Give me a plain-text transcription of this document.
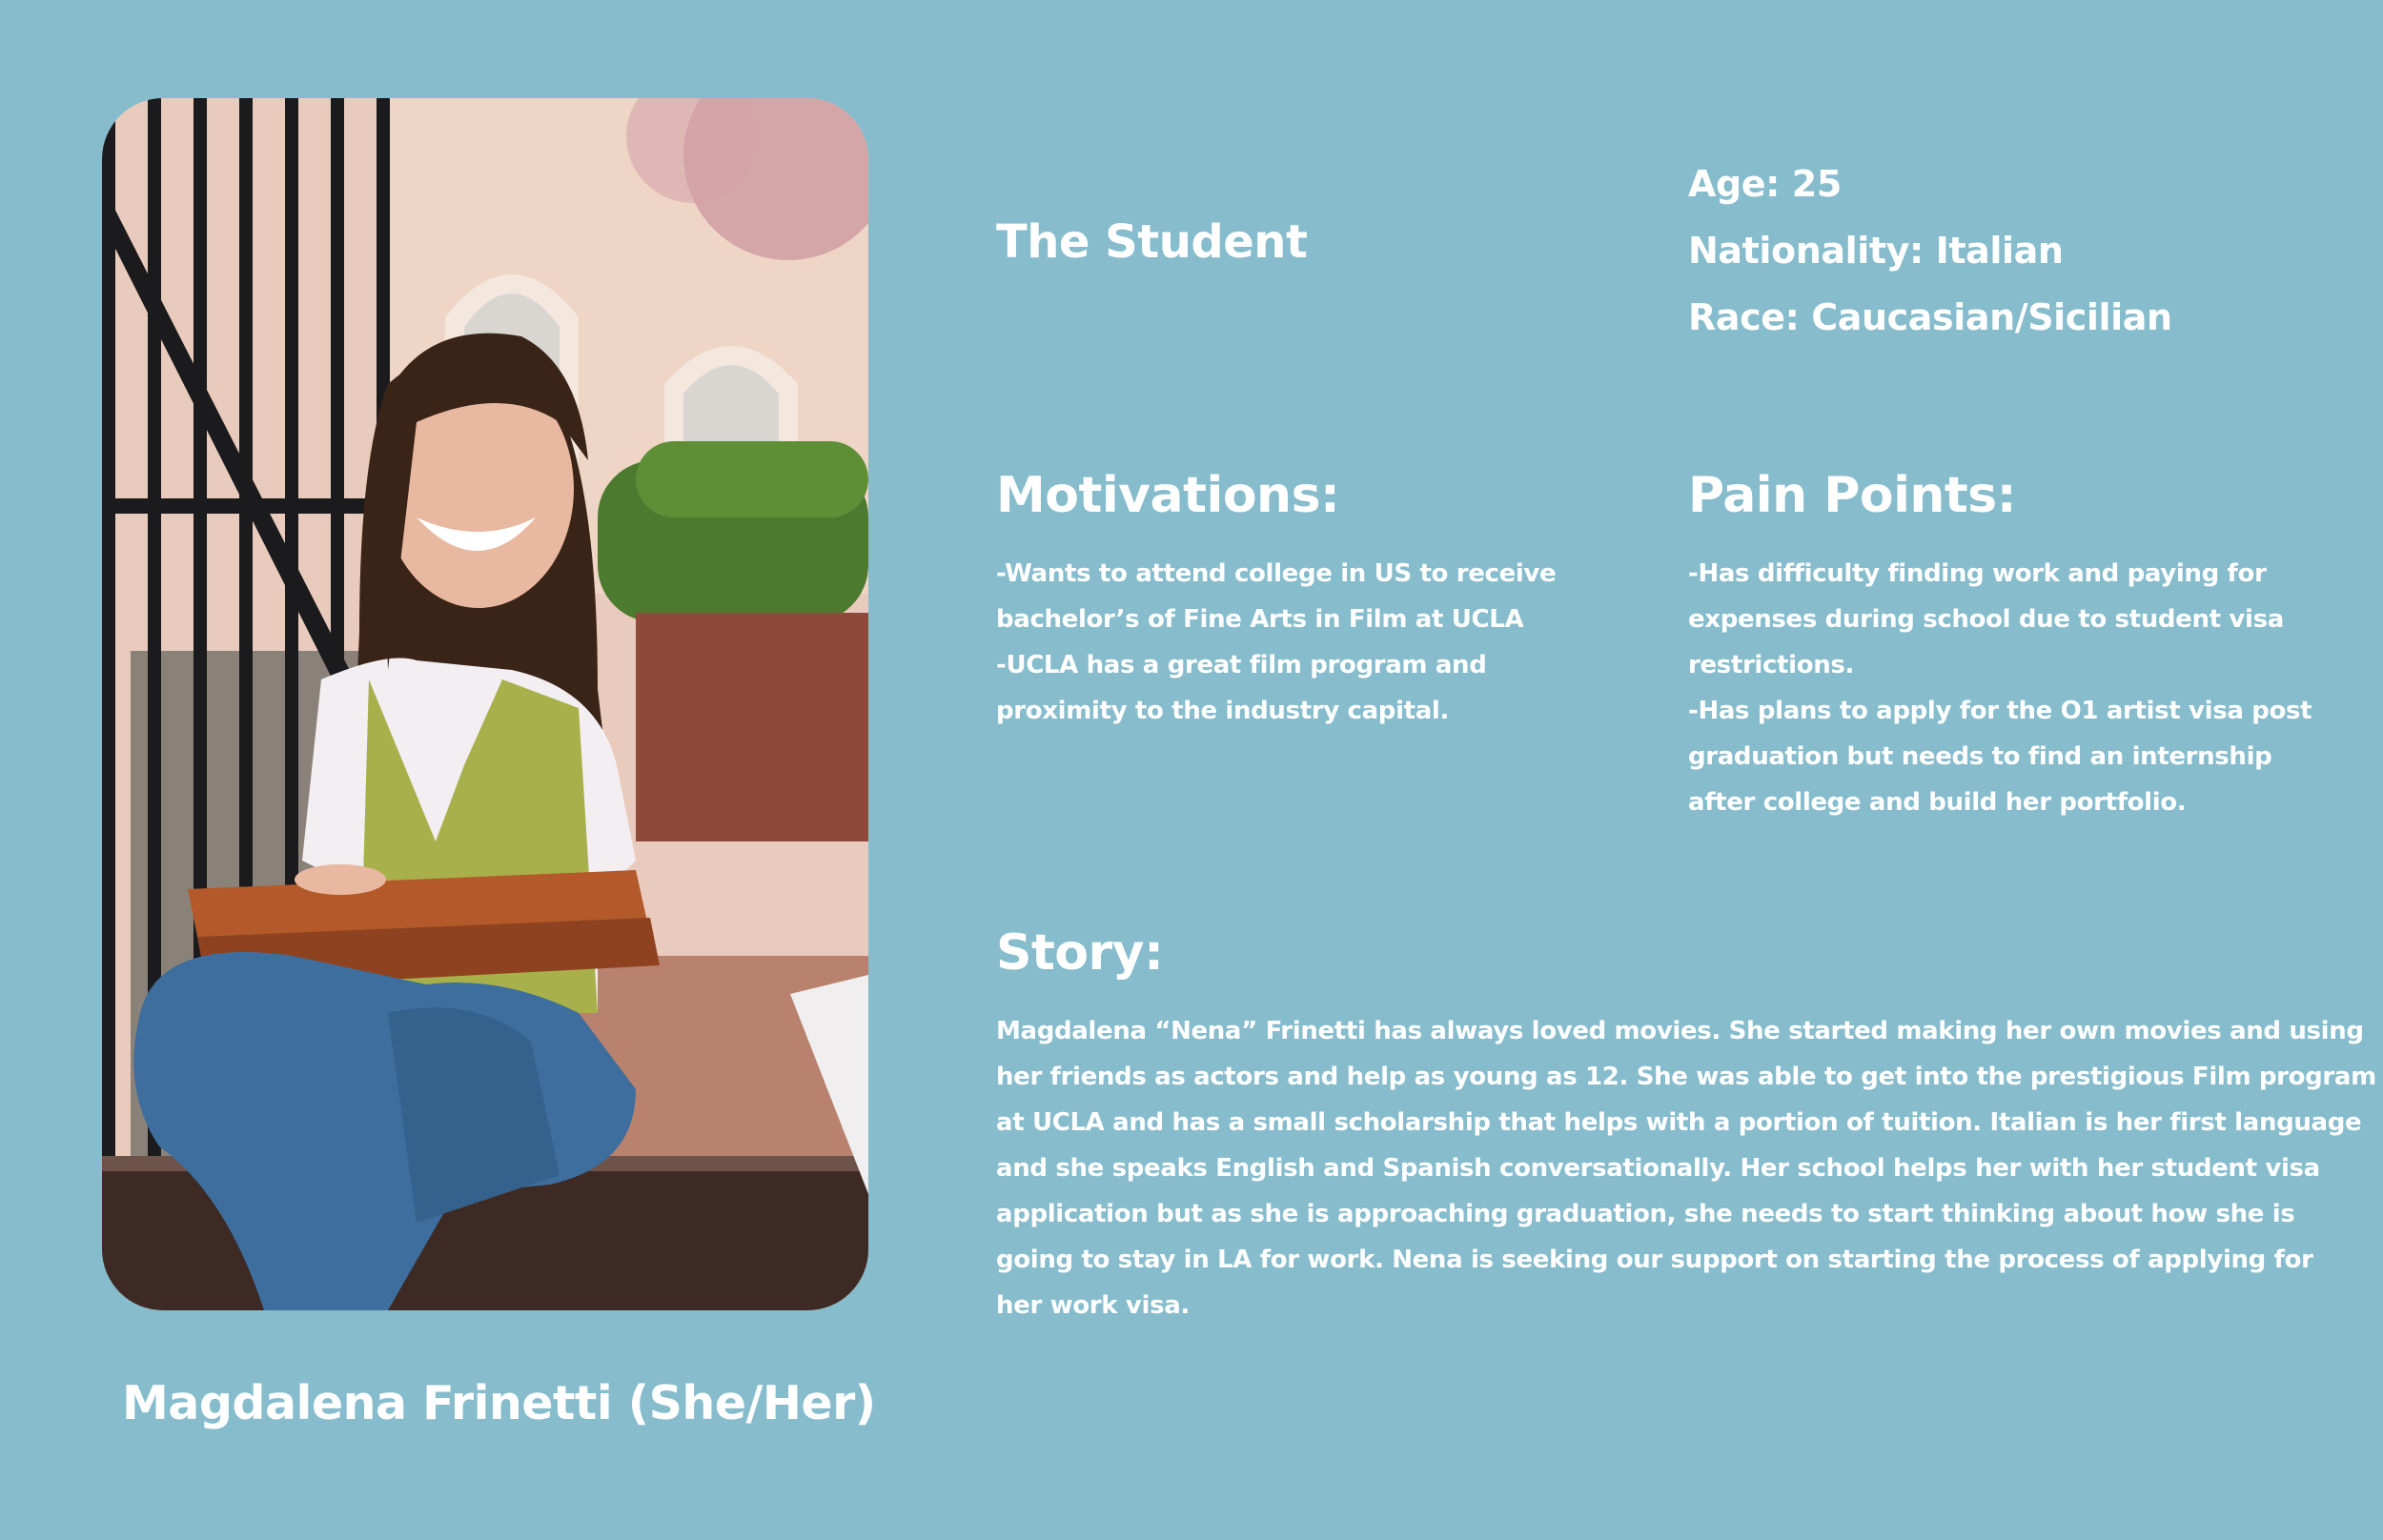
Magdalena Frinetti (She/Her)
The Student
Age: 25
Nationality: Italian
Race: Caucasian/Sicilian
Motivations:
-Wants to attend college in US to receive
bachelor’s of Fine Arts in Film at UCLA
-UCLA has a great film program and
proximity to the industry capital.
Pain Points:
-Has difficulty finding work and paying for
expenses during school due to student visa
restrictions.
-Has plans to apply for the O1 artist visa post
graduation but needs to find an internship
after college and build her portfolio.
Story:
Magdalena “Nena” Frinetti has always loved movies. She started making her own movies and using
her friends as actors and help as young as 12. She was able to get into the prestigious Film program
at UCLA and has a small scholarship that helps with a portion of tuition. Italian is her first language
and she speaks English and Spanish conversationally. Her school helps her with her student visa
application but as she is approaching graduation, she needs to start thinking about how she is
going to stay in LA for work. Nena is seeking our support on starting the process of applying for
her work visa.
